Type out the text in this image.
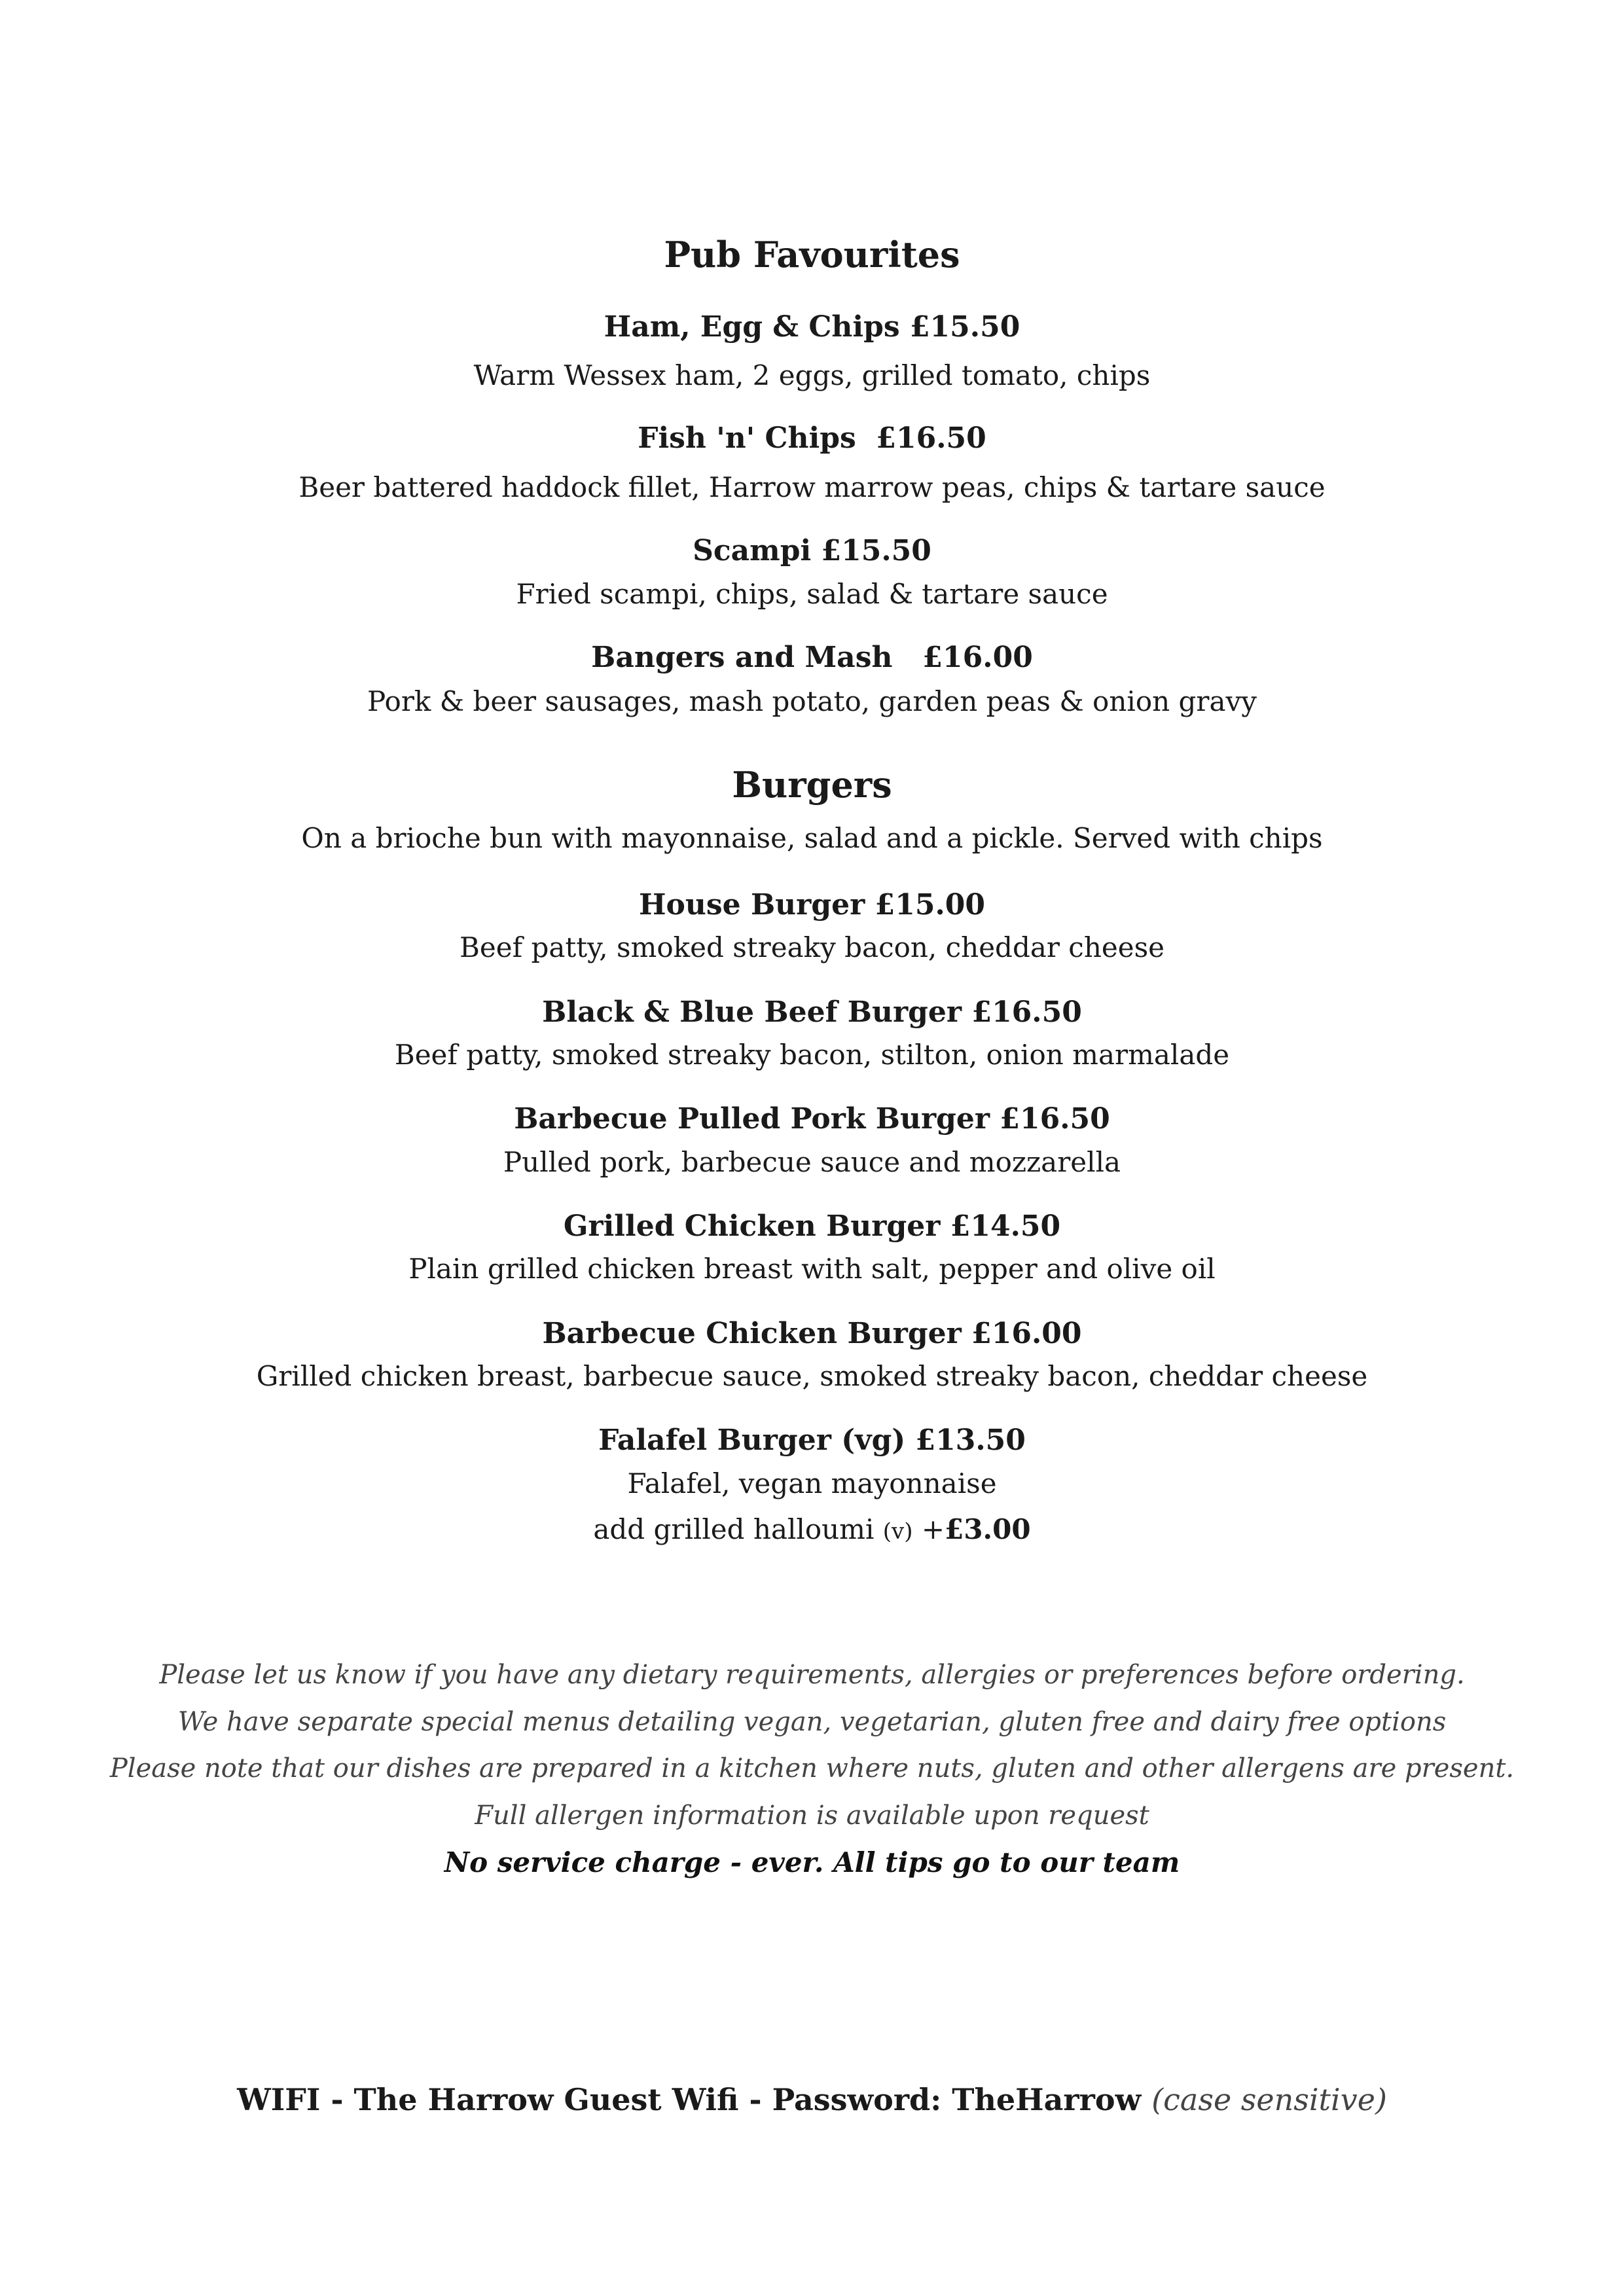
Pub Favourites
Ham, Egg & Chips £15.50
Warm Wessex ham, 2 eggs, grilled tomato, chips
Fish 'n' Chips £16.50
Beer battered haddock fillet, Harrow marrow peas, chips & tartare sauce
Scampi £15.50
Fried scampi, chips, salad & tartare sauce
Bangers and Mash £16.00
Pork & beer sausages, mash potato, garden peas & onion gravy
Burgers
On a brioche bun with mayonnaise, salad and a pickle. Served with chips
House Burger £15.00
Beef patty, smoked streaky bacon, cheddar cheese
Black & Blue Beef Burger £16.50
Beef patty, smoked streaky bacon, stilton, onion marmalade
Barbecue Pulled Pork Burger £16.50
Pulled pork, barbecue sauce and mozzarella
Grilled Chicken Burger £14.50
Plain grilled chicken breast with salt, pepper and olive oil
Barbecue Chicken Burger £16.00
Grilled chicken breast, barbecue sauce, smoked streaky bacon, cheddar cheese
Falafel Burger (vg) £13.50
Falafel, vegan mayonnaise
add grilled halloumi (v) +£3.00
Please let us know if you have any dietary requirements, allergies or preferences before ordering.
We have separate special menus detailing vegan, vegetarian, gluten free and dairy free options
Please note that our dishes are prepared in a kitchen where nuts, gluten and other allergens are present.
Full allergen information is available upon request
No service charge - ever. All tips go to our team
WIFI - The Harrow Guest Wifi - Password: TheHarrow (case sensitive)
